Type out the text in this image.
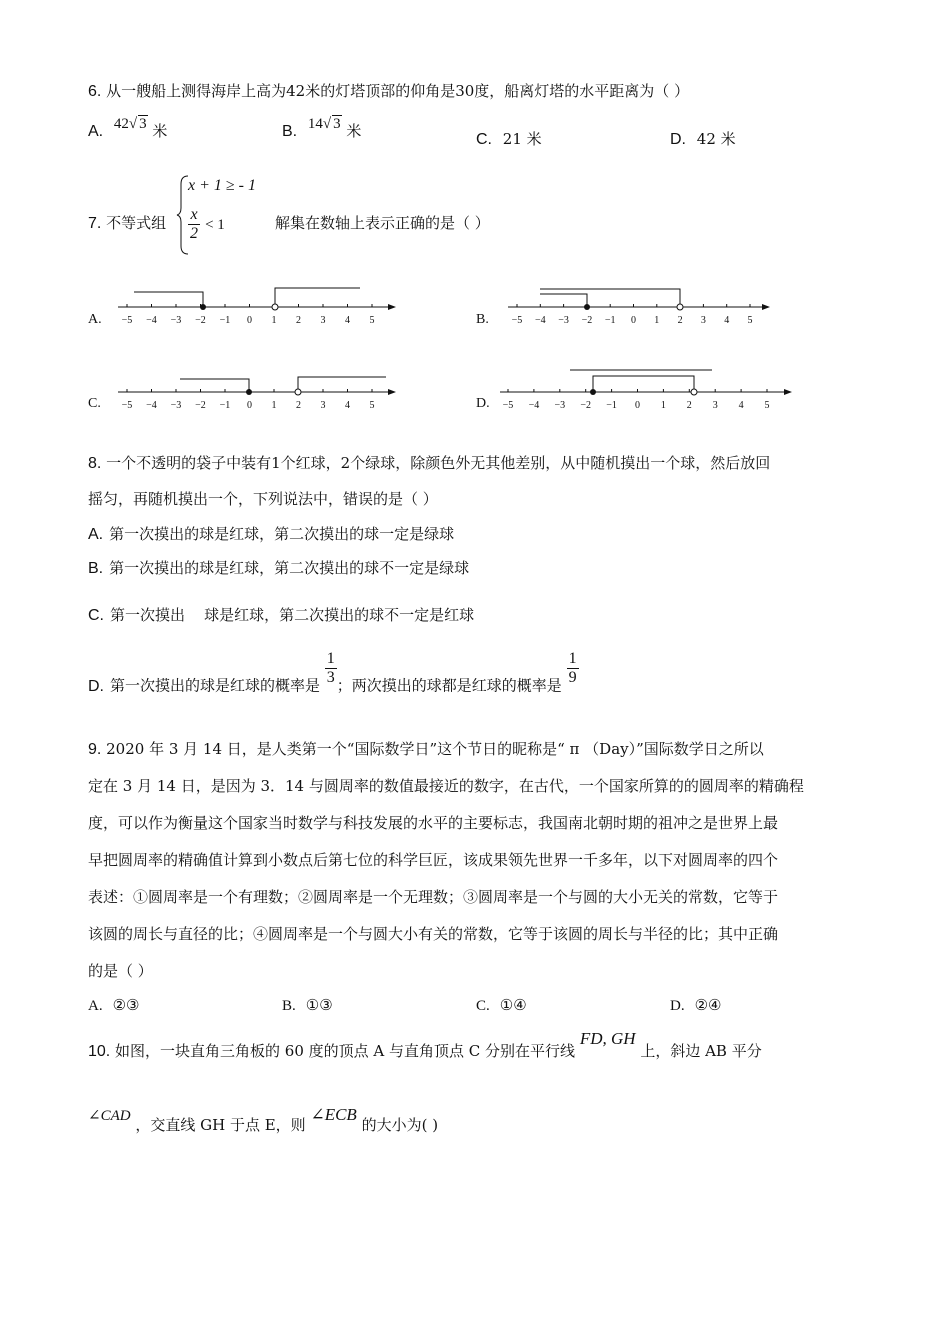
6. 从一艘船上测得海岸上高为42米的灯塔顶部的仰角是30度，船离灯塔的水平距离为（ ）
A. 42√ 3 米	B. 14√ 3 米	C. 21 米	D. 42 米
7. 不等式组
x + 1 ≥ - 1
$\frac{x}{2} < 1$	解集在数轴上表示正确的是（ ）
A. −5 −4 −3 −2 −1 0 1 2 3 4 5	B. −5 −4 −3 −2 −1 0 1 2 3 4 5
C. −5 −4 −3 −2 −1 0 1 2 3 4 5	D. −5 −4 −3 −2 −1 0 1 2 3 4 5
8. 一个不透明的袋子中装有1个红球，2个绿球，除颜色外无其他差别，从中随机摸出一个球，然后放回
摇匀，再随机摸出一个，下列说法中，错误的是（ ）
A. 第一次摸出的球是红球，第二次摸出的球一定是绿球
B. 第一次摸出的球是红球，第二次摸出的球不一定是绿球
C. 第一次摸出    球是红球，第二次摸出的球不一定是红球
D. 第一次摸出的球是红球的概率是 $\frac{1}{3}$ ；两次摸出的球都是红球的概率是 $\frac{1}{9}$
9. 2020 年 3 月 14 日，是人类第一个“国际数学日”这个节日的昵称是“ π （Day）”国际数学日之所以
定在 3 月 14 日，是因为 3．14 与圆周率的数值最接近的数字，在古代，一个国家所算的的圆周率的精确程
度，可以作为衡量这个国家当时数学与科技发展的水平的主要标志，我国南北朝时期的祖冲之是世界上最
早把圆周率的精确值计算到小数点后第七位的科学巨匠，该成果领先世界一千多年，以下对圆周率的四个
表述：①圆周率是一个有理数；②圆周率是一个无理数；③圆周率是一个与圆的大小无关的常数，它等于
该圆的周长与直径的比；④圆周率是一个与圆大小有关的常数，它等于该圆的周长与半径的比；其中正确
的是（ ）
A. ②③	B. ①③	C. ①④	D. ②④
10. 如图，一块直角三角板的 60 度的顶点 A 与直角顶点 C 分别在平行线 FD, GH 上，斜边 AB 平分
∠CAD ，交直线 GH 于点 E，则 ∠ECB 的大小为( )
